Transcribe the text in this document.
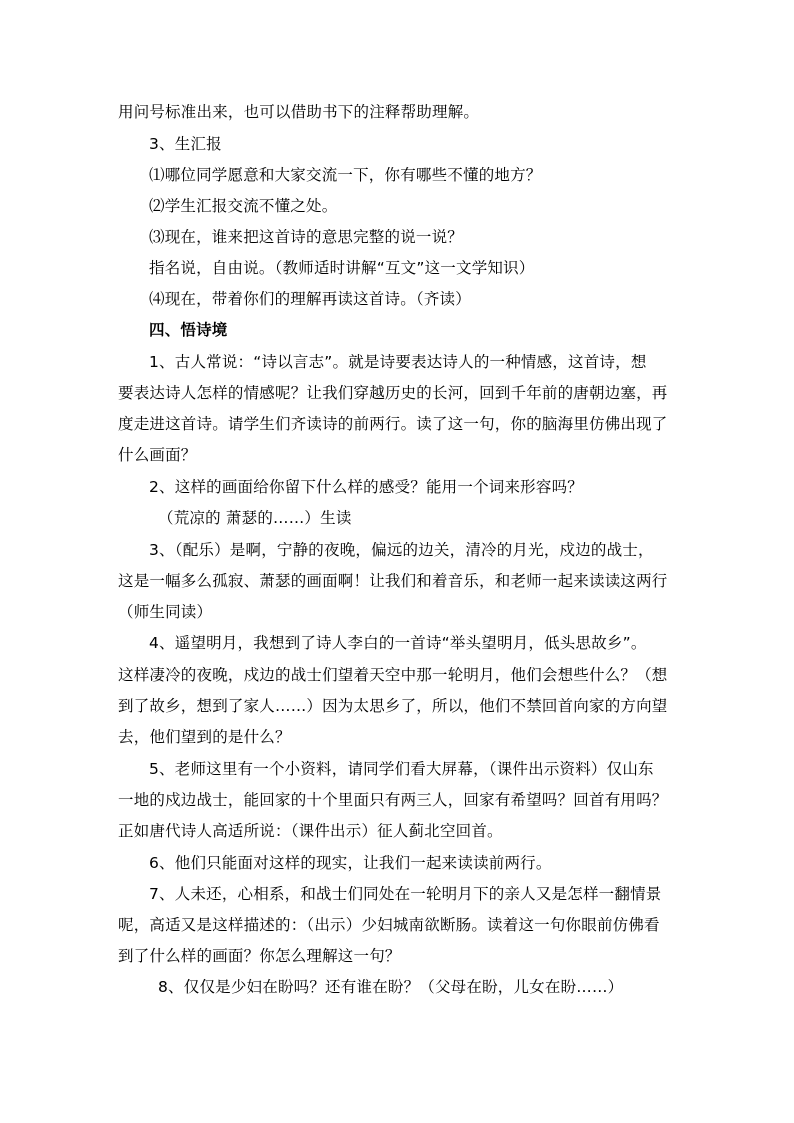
用问号标准出来，也可以借助书下的注释帮助理解。
3、生汇报
⑴哪位同学愿意和大家交流一下，你有哪些不懂的地方？
⑵学生汇报交流不懂之处。
⑶现在，谁来把这首诗的意思完整的说一说？
指名说，自由说。（教师适时讲解“互文”这一文学知识）
⑷现在，带着你们的理解再读这首诗。（齐读）
四、悟诗境
1、古人常说：“诗以言志”。就是诗要表达诗人的一种情感，这首诗，想
要表达诗人怎样的情感呢？让我们穿越历史的长河，回到千年前的唐朝边塞，再
度走进这首诗。请学生们齐读诗的前两行。读了这一句，你的脑海里仿佛出现了
什么画面？
2、这样的画面给你留下什么样的感受？能用一个词来形容吗？
（荒凉的 萧瑟的……）生读
3、（配乐）是啊，宁静的夜晚，偏远的边关，清冷的月光，戍边的战士，
这是一幅多么孤寂、萧瑟的画面啊！让我们和着音乐，和老师一起来读读这两行
（师生同读）
4、遥望明月，我想到了诗人李白的一首诗“举头望明月，低头思故乡”。
这样凄冷的夜晚，戍边的战士们望着天空中那一轮明月，他们会想些什么？（想
到了故乡，想到了家人……）因为太思乡了，所以，他们不禁回首向家的方向望
去，他们望到的是什么？
5、老师这里有一个小资料，请同学们看大屏幕，（课件出示资料）仅山东
一地的戍边战士，能回家的十个里面只有两三人，回家有希望吗？回首有用吗？
正如唐代诗人高适所说：（课件出示）征人蓟北空回首。
6、他们只能面对这样的现实，让我们一起来读读前两行。
7、人未还，心相系，和战士们同处在一轮明月下的亲人又是怎样一翻情景
呢，高适又是这样描述的：（出示）少妇城南欲断肠。读着这一句你眼前仿佛看
到了什么样的画面？你怎么理解这一句？
8、仅仅是少妇在盼吗？还有谁在盼？（父母在盼，儿女在盼……）
